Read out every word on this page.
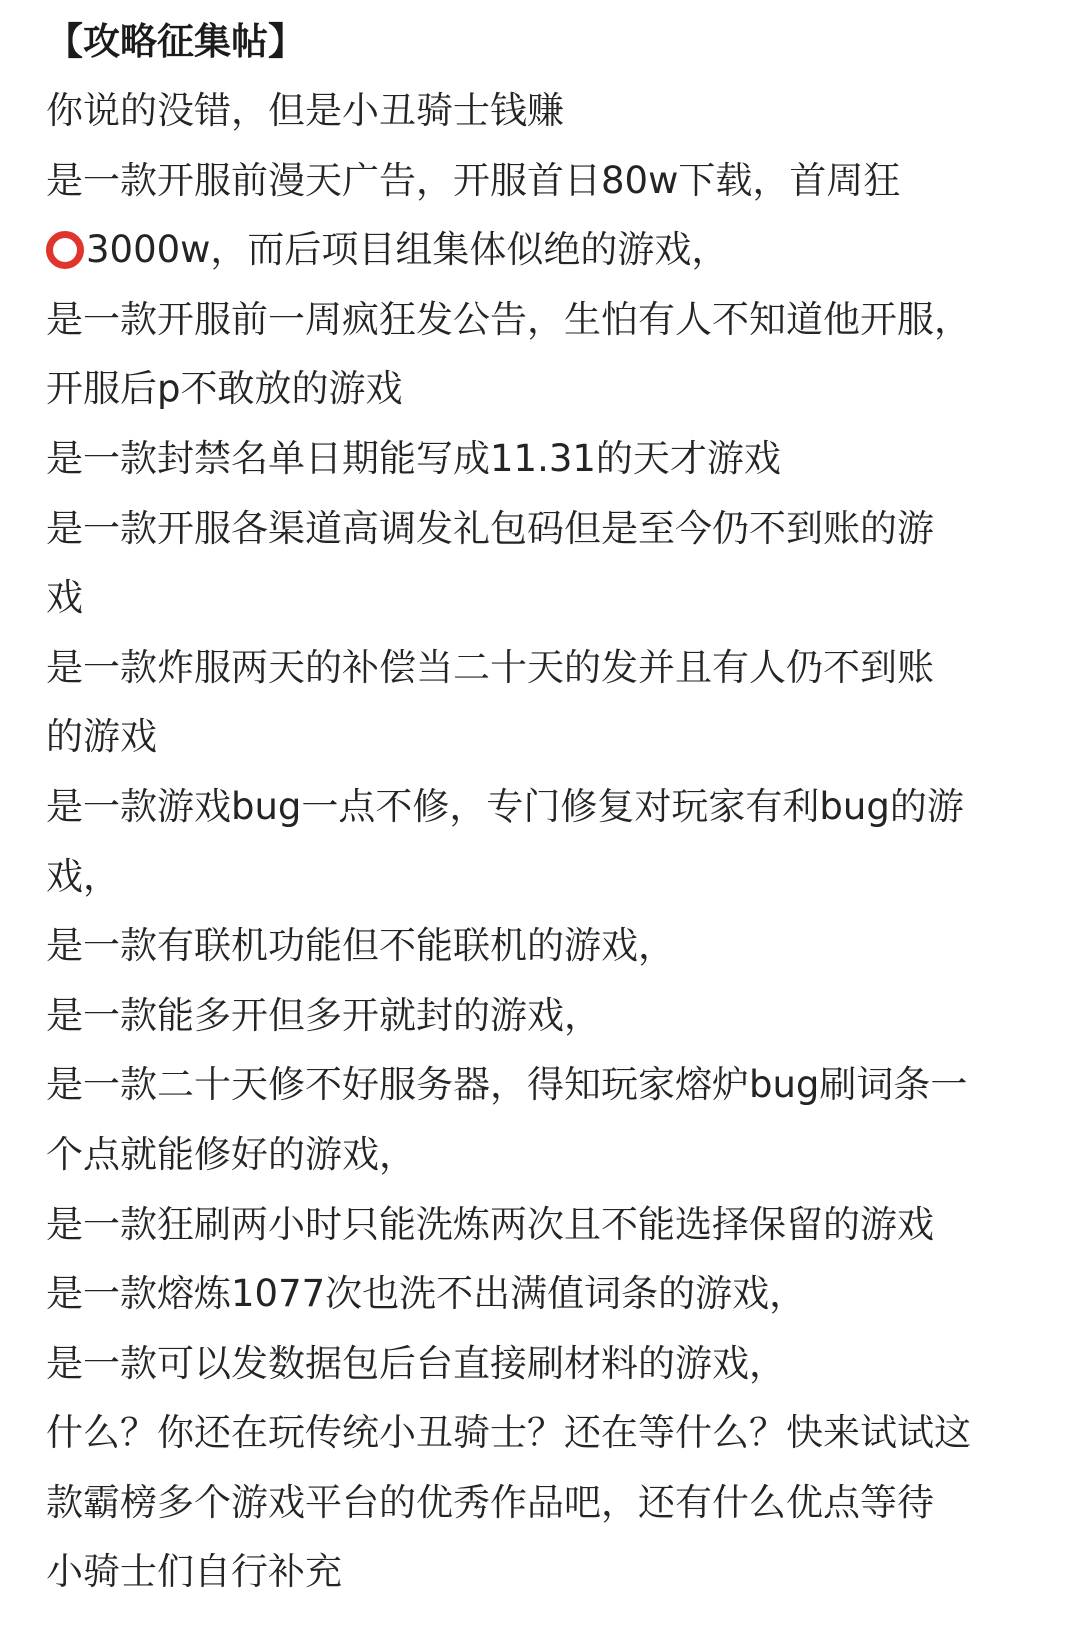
【攻略征集帖】

你说的没错，但是小丑骑士钱赚

是一款开服前漫天广告，开服首日80w下载，首周狂

3000w，而后项目组集体似绝的游戏，

是一款开服前一周疯狂发公告，生怕有人不知道他开服，

开服后p不敢放的游戏

是一款封禁名单日期能写成11.31的天才游戏

是一款开服各渠道高调发礼包码但是至今仍不到账的游

戏

是一款炸服两天的补偿当二十天的发并且有人仍不到账

的游戏

是一款游戏bug一点不修，专门修复对玩家有利bug的游

戏，

是一款有联机功能但不能联机的游戏，

是一款能多开但多开就封的游戏，

是一款二十天修不好服务器，得知玩家熔炉bug刷词条一

个点就能修好的游戏，

是一款狂刷两小时只能洗炼两次且不能选择保留的游戏

是一款熔炼1077次也洗不出满值词条的游戏，

是一款可以发数据包后台直接刷材料的游戏，

什么？你还在玩传统小丑骑士？还在等什么？快来试试这

款霸榜多个游戏平台的优秀作品吧，还有什么优点等待

小骑士们自行补充
